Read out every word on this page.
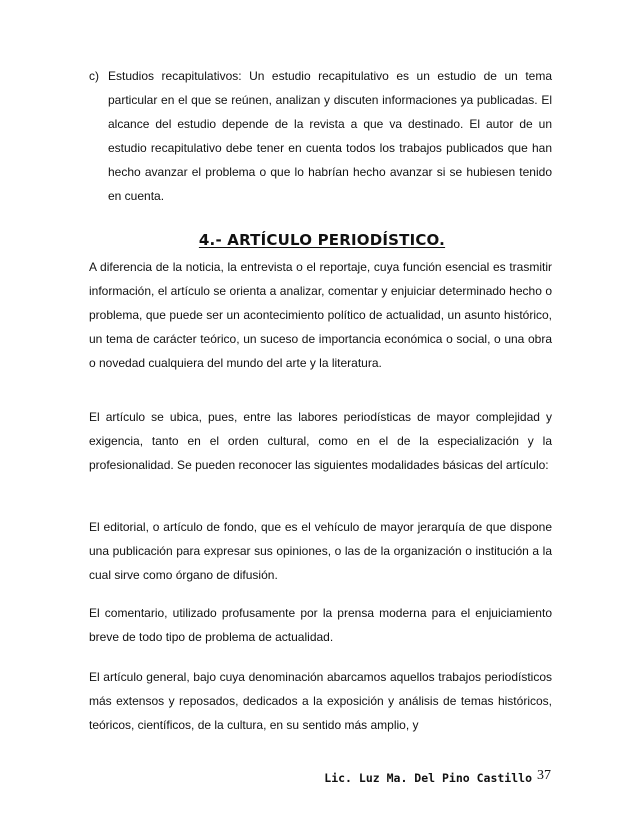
c) Estudios recapitulativos: Un estudio recapitulativo es un estudio de un tema particular en el que se reúnen, analizan y discuten informaciones ya publicadas. El alcance del estudio depende de la revista a que va destinado. El autor de un estudio recapitulativo debe tener en cuenta todos los trabajos publicados que han hecho avanzar el problema o que lo habrían hecho avanzar si se hubiesen tenido en cuenta.
4.- ARTÍCULO PERIODÍSTICO.
A diferencia de la noticia, la entrevista o el reportaje, cuya función esencial es trasmitir información, el artículo se orienta a analizar, comentar y enjuiciar determinado hecho o problema, que puede ser un acontecimiento político de actualidad, un asunto histórico, un tema de carácter teórico, un suceso de importancia económica o social, o una obra o novedad cualquiera del mundo del arte y la literatura.
El artículo se ubica, pues, entre las labores periodísticas de mayor complejidad y exigencia, tanto en el orden cultural, como en el de la especialización y la profesionalidad. Se pueden reconocer las siguientes modalidades básicas del artículo:
El editorial, o artículo de fondo, que es el vehículo de mayor jerarquía de que dispone una publicación para expresar sus opiniones, o las de la organización o institución a la cual sirve como órgano de difusión.
El comentario, utilizado profusamente por la prensa moderna para el enjuiciamiento breve de todo tipo de problema de actualidad.
El artículo general, bajo cuya denominación abarcamos aquellos trabajos periodísticos más extensos y reposados, dedicados a la exposición y análisis de temas históricos, teóricos, científicos, de la cultura, en su sentido más amplio, y
Lic. Luz Ma. Del Pino Castillo 37
